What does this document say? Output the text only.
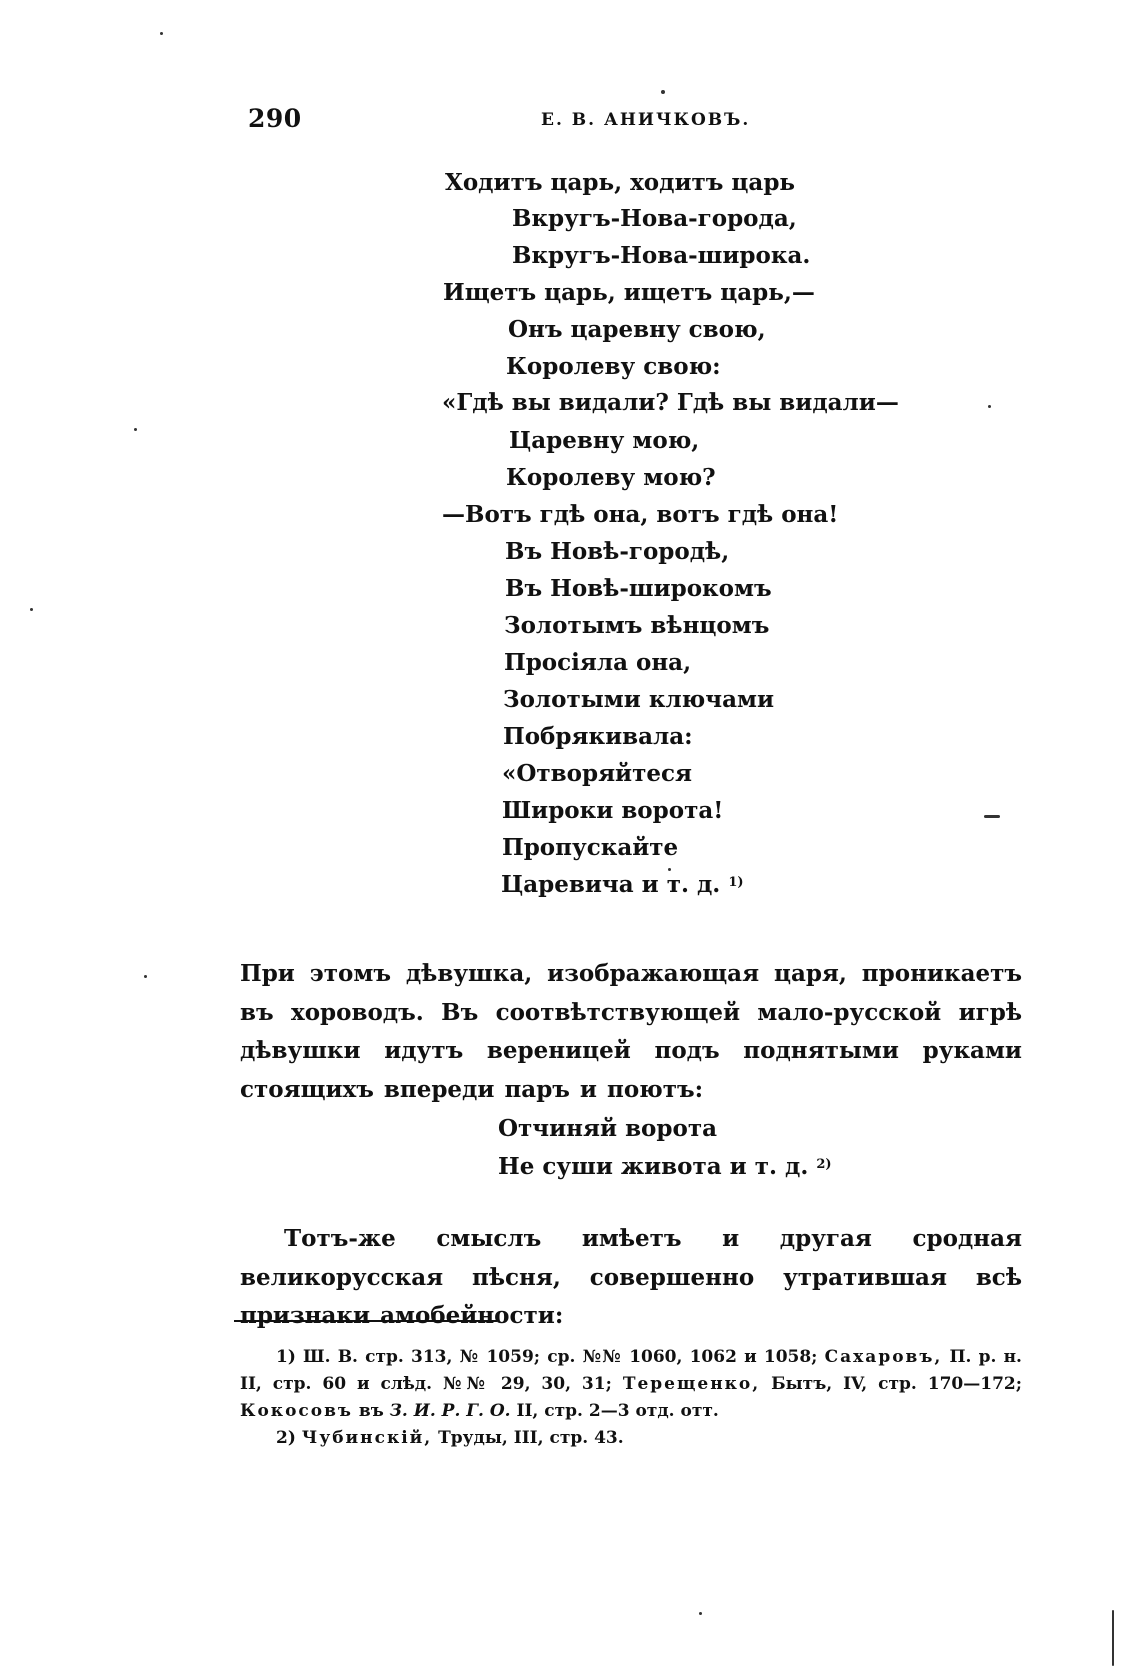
290	Е. В. АНИЧКОВЪ.
Ходитъ царь, ходитъ царь
Вкругъ-Нова-города,
Вкругъ-Нова-широка.
Ищетъ царь, ищетъ царь,—
Онъ царевну свою,
Королеву свою:
«Гдѣ вы видали? Гдѣ вы видали—
Царевну мою,
Королеву мою?
—Вотъ гдѣ она, вотъ гдѣ она!
Въ Новѣ-городѣ,
Въ Новѣ-широкомъ
Золотымъ вѣнцомъ
Просіяла она,
Золотыми ключами
Побрякивала:
«Отворяйтеся
Широки ворота!
Пропускайте
Царевича и т. д. $^{1)}$
При этомъ дѣвушка, изображающая царя, проникаетъ въ хороводъ. Въ соотвѣтствующей мало-русской игрѣ дѣвушки идутъ вереницей подъ поднятыми руками стоящихъ впереди паръ и поютъ:
Отчиняй ворота
Не суши живота и т. д. $^{2)}$
Тотъ-же смыслъ имѣетъ и другая сродная великорусская пѣсня, совершенно утратившая всѣ признаки амобейности:

1) Ш. В. стр. 313, № 1059; ср. №№ 1060, 1062 и 1058; Сахаровъ, П. р. н. II, стр. 60 и слѣд. №№ 29, 30, 31; Терещенко, Бытъ, IV, стр. 170—172; Кокосовъ въ З. И. Р. Г. О. II, стр. 2—3 отд. отт.

2) Чубинскій, Труды, III, стр. 43.
